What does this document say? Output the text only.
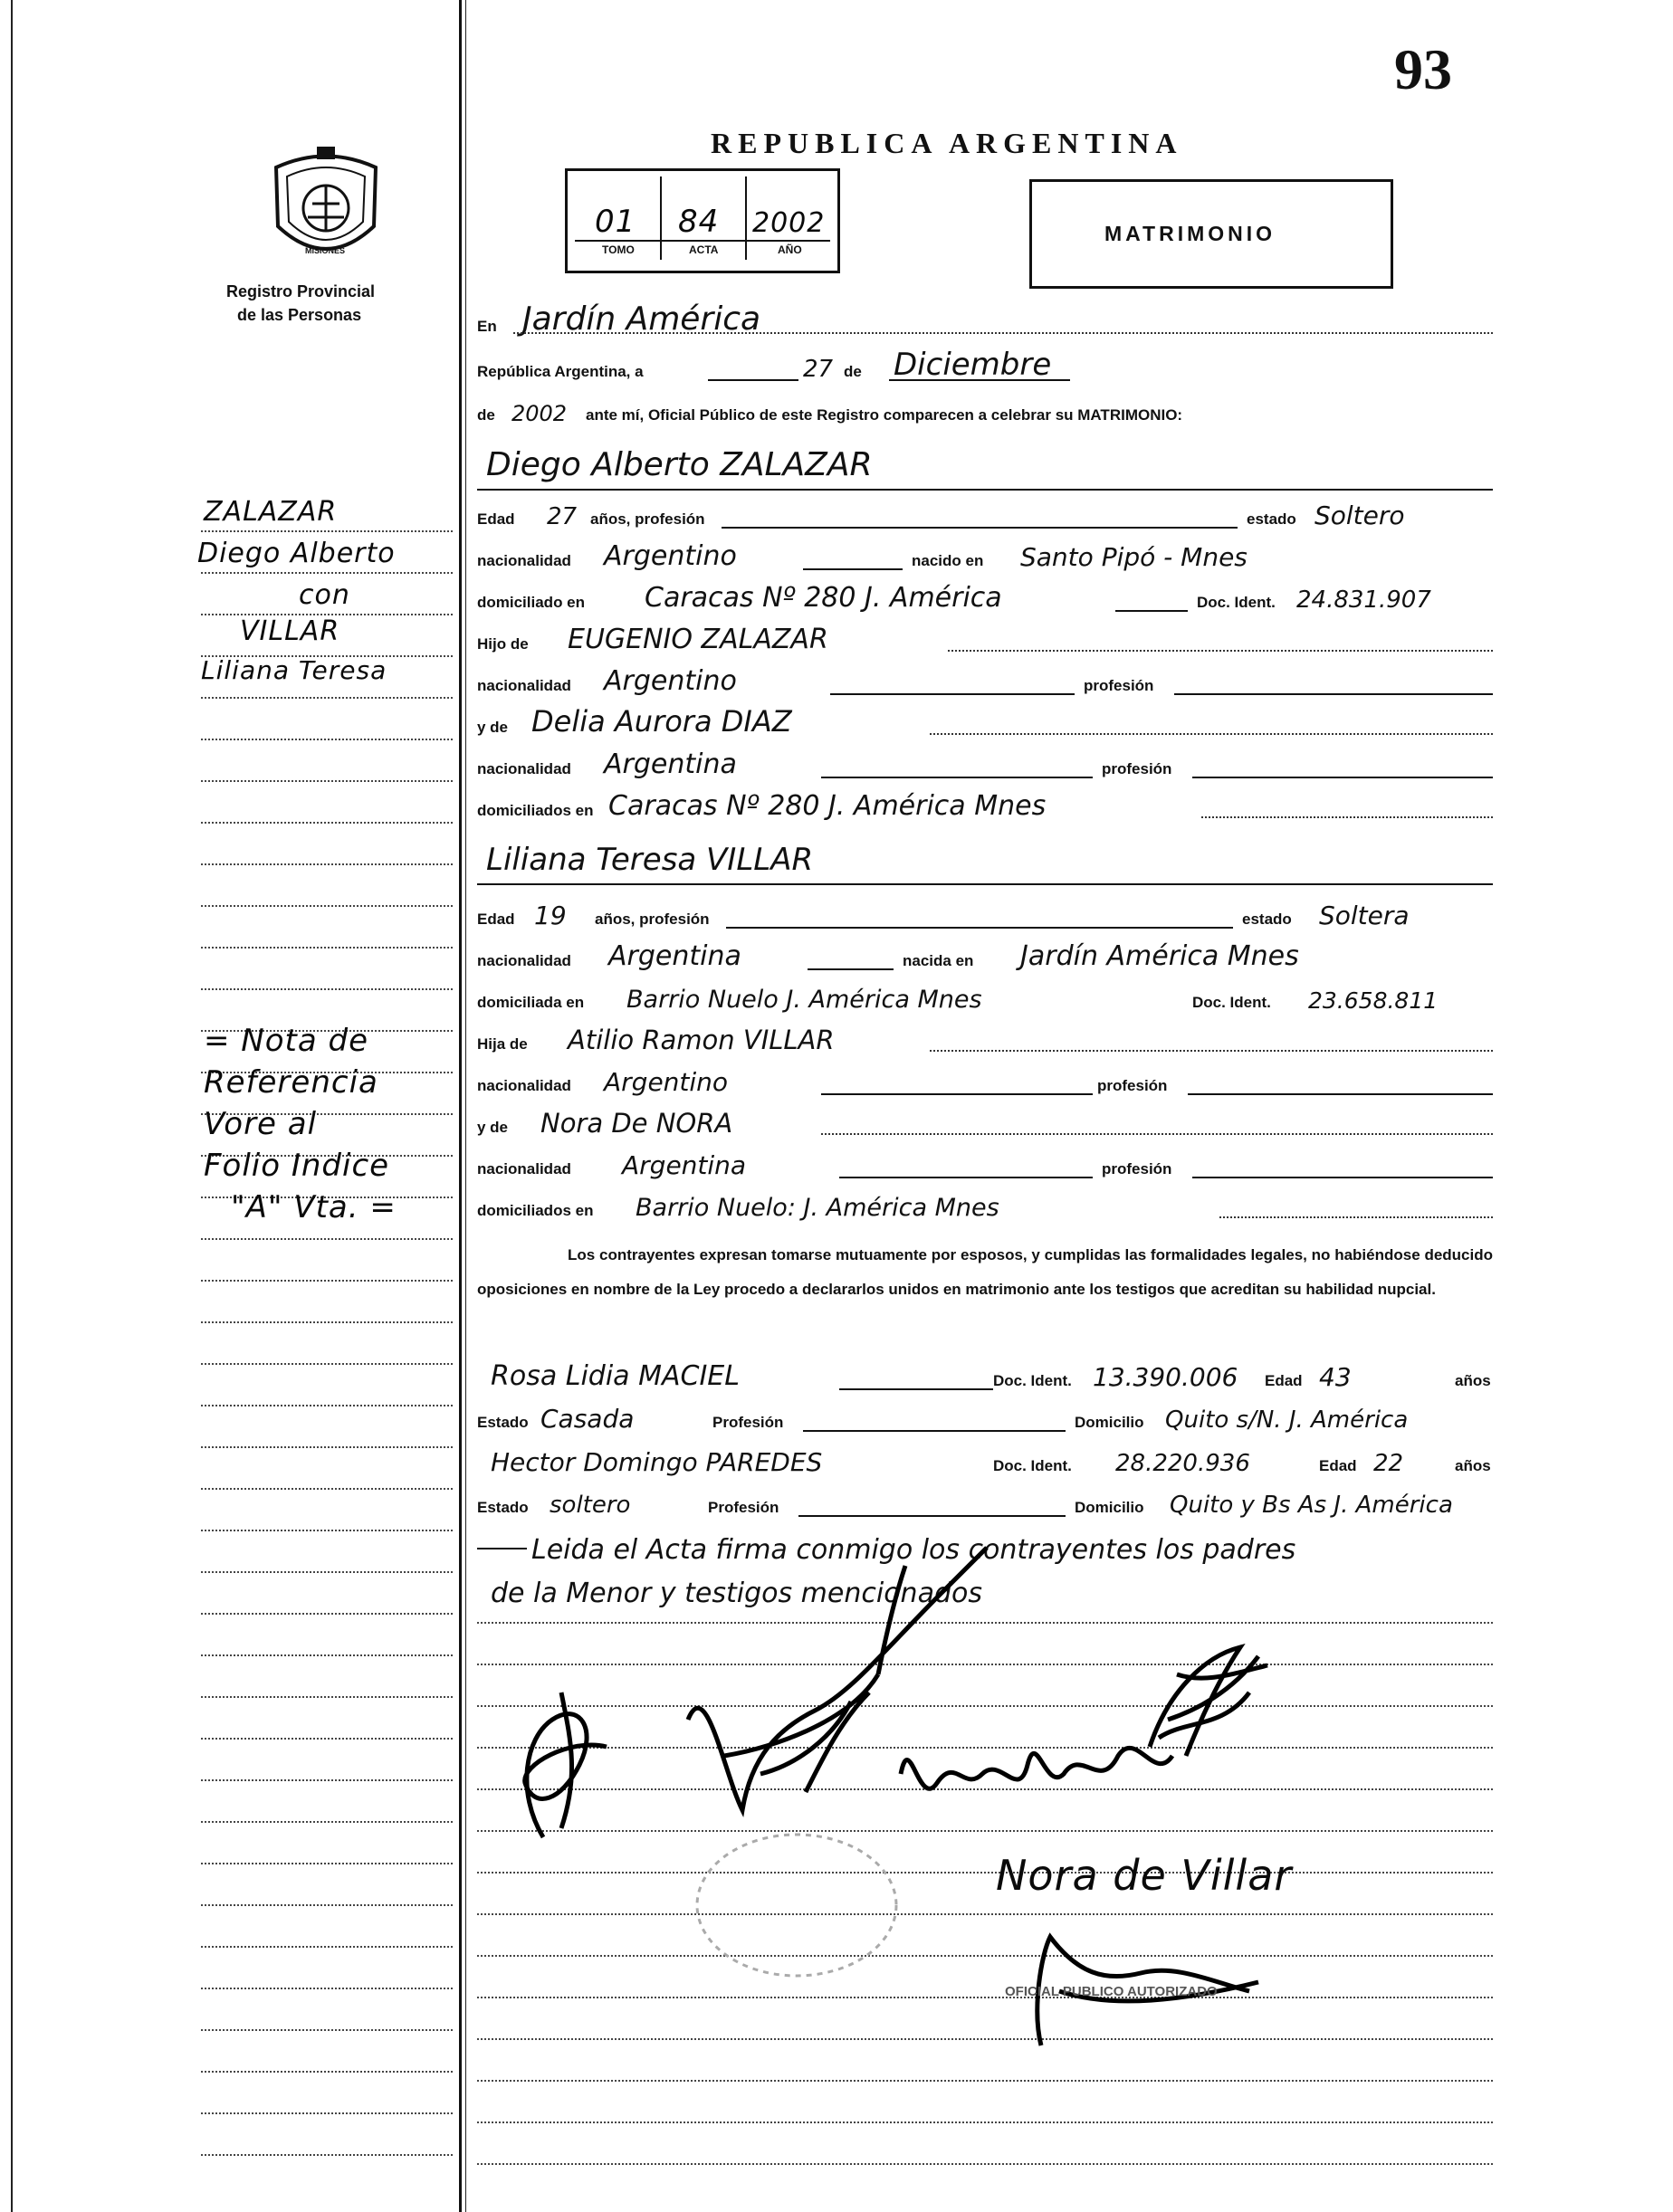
93
REPUBLICA ARGENTINA
MISIONES
Registro Provincial
de las Personas
01
TOMO
84
ACTA
2002
AÑO
MATRIMONIO
En Jardín América
República Argentina, a	27 de Diciembre
de 2002 ante mí, Oficial Público de este Registro comparecen a celebrar su MATRIMONIO:
Diego Alberto ZALAZAR
Edad 27 años, profesión	estado Soltero
nacionalidad Argentino	nacido en Santo Pipó - Mnes
domiciliado en Caracas Nº 280 J. América	Doc. Ident. 24.831.907
Hijo de EUGENIO ZALAZAR
nacionalidad Argentino	profesión
y de Delia Aurora DIAZ
nacionalidad Argentina	profesión
domiciliados en Caracas Nº 280 J. América Mnes
Liliana Teresa VILLAR
Edad 19 años, profesión	estado Soltera
nacionalidad Argentina	nacida en Jardín América Mnes
domiciliada en Barrio Nuelo J. América Mnes	Doc. Ident. 23.658.811
Hija de Atilio Ramon VILLAR
nacionalidad Argentino	profesión
y de Nora De NORA
nacionalidad Argentina	profesión
domiciliados en Barrio Nuelo: J. América Mnes
Los contrayentes expresan tomarse mutuamente por esposos, y cumplidas las formalidades legales, no habiéndose deducido oposiciones en nombre de la Ley procedo a declararlos unidos en matrimonio ante los testigos que acreditan su habilidad nupcial.
Rosa Lidia MACIEL	Doc. Ident. 13.390.006 Edad 43	años
Estado Casada	Profesión	Domicilio Quito s/N. J. América
Hector Domingo PAREDES	Doc. Ident. 28.220.936	Edad 22	años
Estado soltero	Profesión	Domicilio Quito y Bs As J. América
Leida el Acta firma conmigo los contrayentes los padres
de la Menor y testigos mencionados
ZALAZAR
Diego Alberto
con
VILLAR
Liliana Teresa
= Nota de
Referencia
Vore al
Folio Indice
"A" Vta. =
Nora de Villar
OFICIAL PUBLICO AUTORIZADO
